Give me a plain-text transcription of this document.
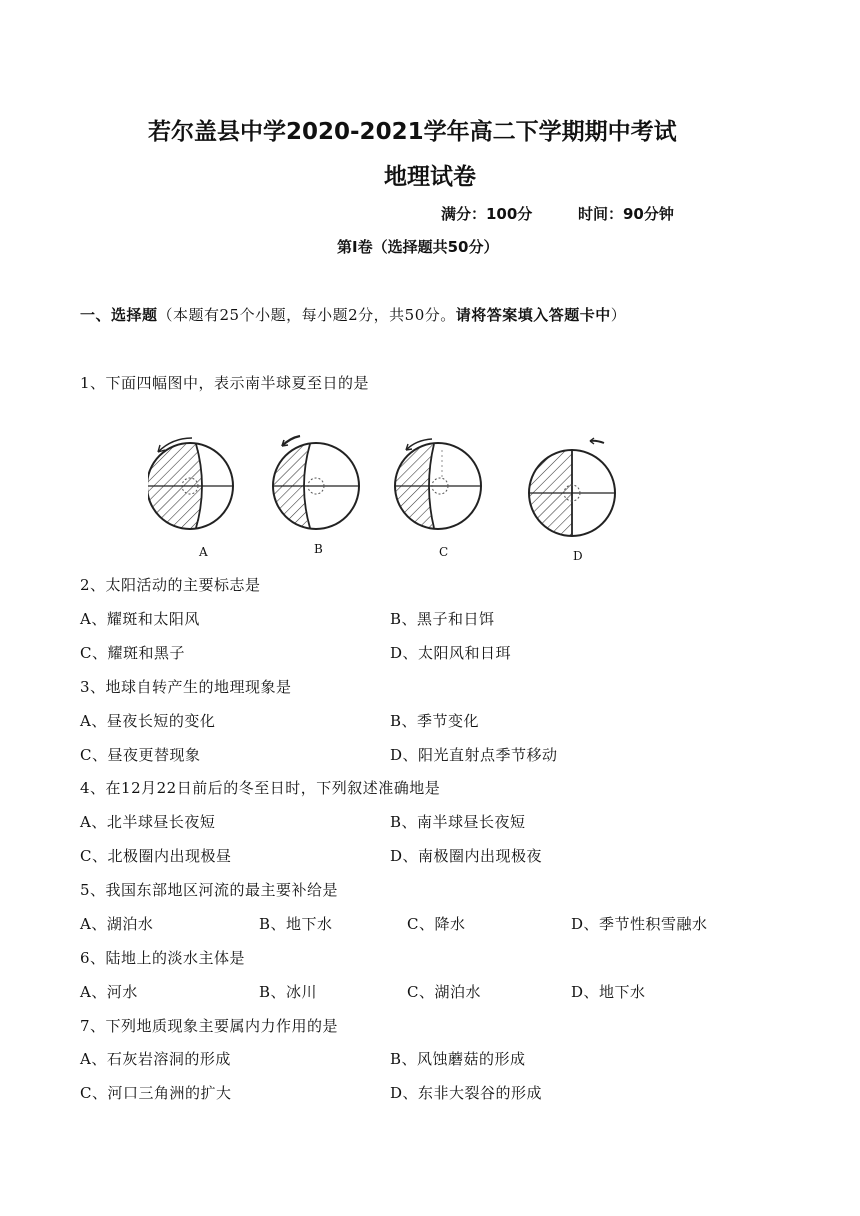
若尔盖县中学2020-2021学年高二下学期期中考试
地理试卷
满分：100分	时间：90分钟
第Ⅰ卷（选择题共50分）
一、选择题（本题有25个小题，每小题2分，共50分。请将答案填入答题卡中）
1、下面四幅图中，表示南半球夏至日的是
A	B	C	D
2、太阳活动的主要标志是
A、耀斑和太阳风	B、黑子和日饵
C、耀斑和黑子	D、太阳风和日珥
3、地球自转产生的地理现象是
A、昼夜长短的变化	B、季节变化
C、昼夜更替现象	D、阳光直射点季节移动
4、在12月22日前后的冬至日时，下列叙述准确地是
A、北半球昼长夜短	B、南半球昼长夜短
C、北极圈内出现极昼	D、南极圈内出现极夜
5、我国东部地区河流的最主要补给是
A、湖泊水	B、地下水	C、降水	D、季节性积雪融水
6、陆地上的淡水主体是
A、河水	B、冰川	C、湖泊水	D、地下水
7、下列地质现象主要属内力作用的是
A、石灰岩溶洞的形成	B、风蚀蘑菇的形成
C、河口三角洲的扩大	D、东非大裂谷的形成
